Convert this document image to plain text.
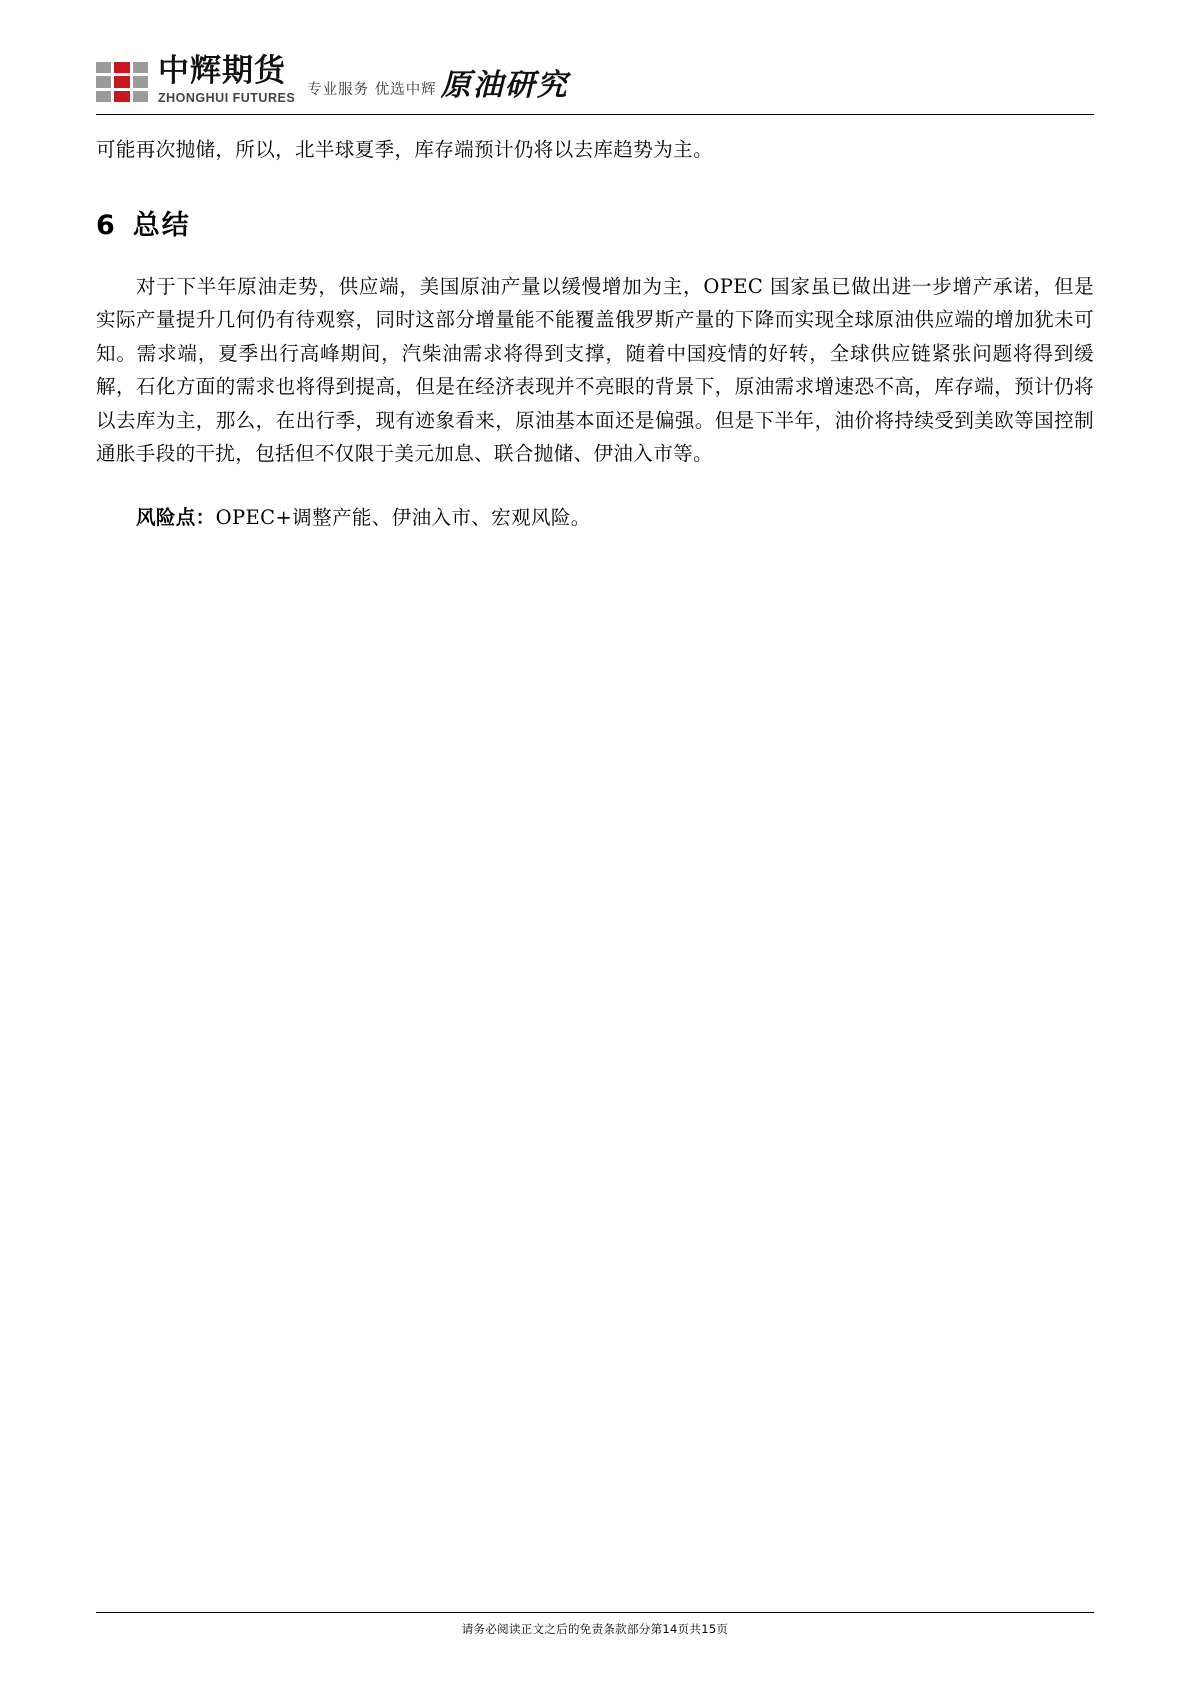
中辉期货
ZHONGHUI FUTURES 专业服务 优选中辉 原油研究

可能再次抛储，所以，北半球夏季，库存端预计仍将以去库趋势为主。

6 总结

对于下半年原油走势，供应端，美国原油产量以缓慢增加为主，OPEC 国家虽已做出进一步增产承诺，但是实际产量提升几何仍有待观察，同时这部分增量能不能覆盖俄罗斯产量的下降而实现全球原油供应端的增加犹未可知。需求端，夏季出行高峰期间，汽柴油需求将得到支撑，随着中国疫情的好转，全球供应链紧张问题将得到缓解，石化方面的需求也将得到提高，但是在经济表现并不亮眼的背景下，原油需求增速恐不高，库存端，预计仍将以去库为主，那么，在出行季，现有迹象看来，原油基本面还是偏强。但是下半年，油价将持续受到美欧等国控制通胀手段的干扰，包括但不仅限于美元加息、联合抛储、伊油入市等。

风险点：OPEC+调整产能、伊油入市、宏观风险。

请务必阅读正文之后的免责条款部分第14页共15页
